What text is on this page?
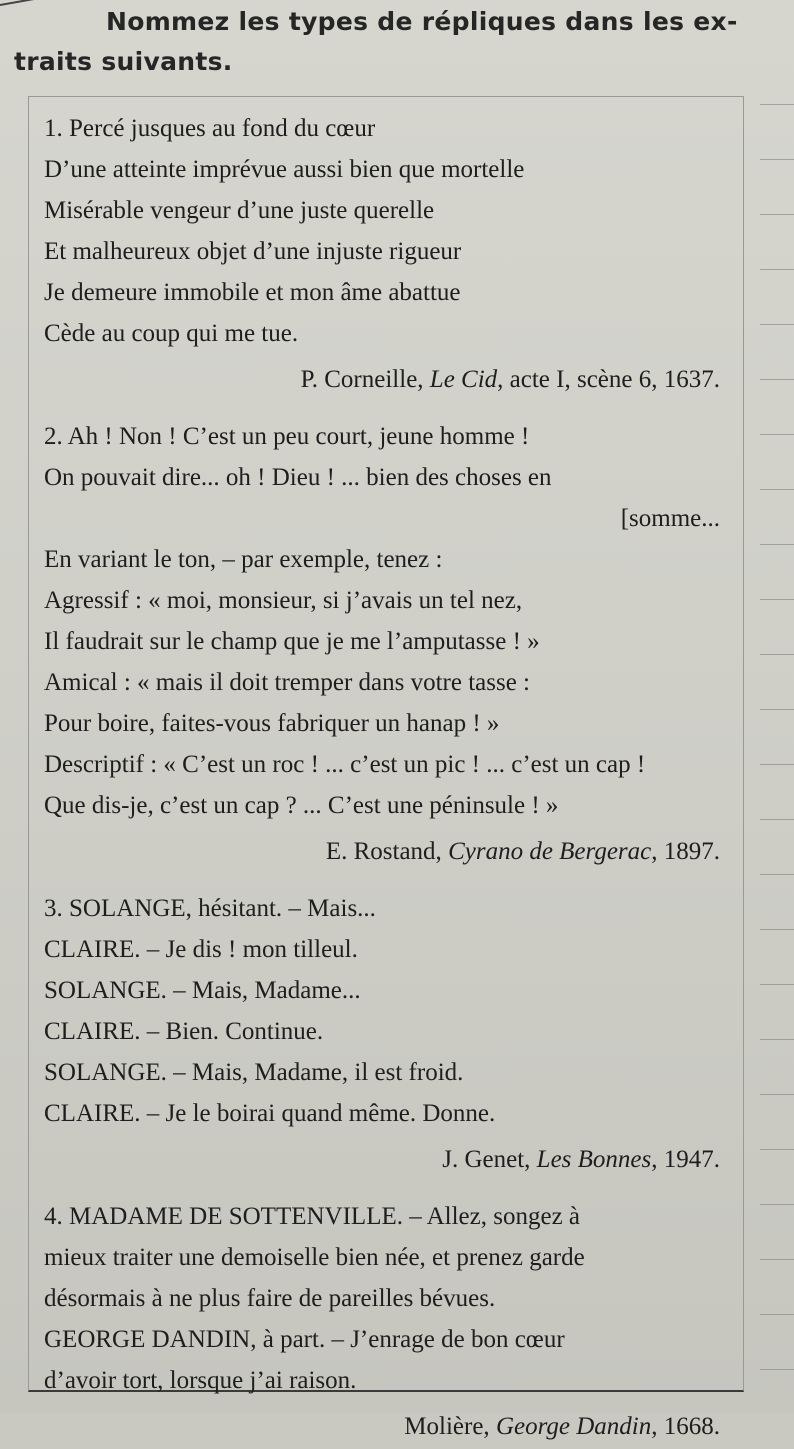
Nommez les types de répliques dans les ex-
traits suivants.
1. Percé jusques au fond du cœur
D’une atteinte imprévue aussi bien que mortelle
Misérable vengeur d’une juste querelle
Et malheureux objet d’une injuste rigueur
Je demeure immobile et mon âme abattue
Cède au coup qui me tue.
P. Corneille, Le Cid, acte I, scène 6, 1637.
2. Ah ! Non ! C’est un peu court, jeune homme !
On pouvait dire... oh ! Dieu ! ... bien des choses en
[somme...
En variant le ton, – par exemple, tenez :
Agressif : « moi, monsieur, si j’avais un tel nez,
Il faudrait sur le champ que je me l’amputasse ! »
Amical : « mais il doit tremper dans votre tasse :
Pour boire, faites-vous fabriquer un hanap ! »
Descriptif : « C’est un roc ! ... c’est un pic ! ... c’est un cap !
Que dis-je, c’est un cap ? ... C’est une péninsule ! »
E. Rostand, Cyrano de Bergerac, 1897.
3. SOLANGE, hésitant. – Mais...
CLAIRE. – Je dis ! mon tilleul.
SOLANGE. – Mais, Madame...
CLAIRE. – Bien. Continue.
SOLANGE. – Mais, Madame, il est froid.
CLAIRE. – Je le boirai quand même. Donne.
J. Genet, Les Bonnes, 1947.
4. MADAME DE SOTTENVILLE. – Allez, songez à
mieux traiter une demoiselle bien née, et prenez garde
désormais à ne plus faire de pareilles bévues.
GEORGE DANDIN, à part. – J’enrage de bon cœur
d’avoir tort, lorsque j’ai raison.
Molière, George Dandin, 1668.
